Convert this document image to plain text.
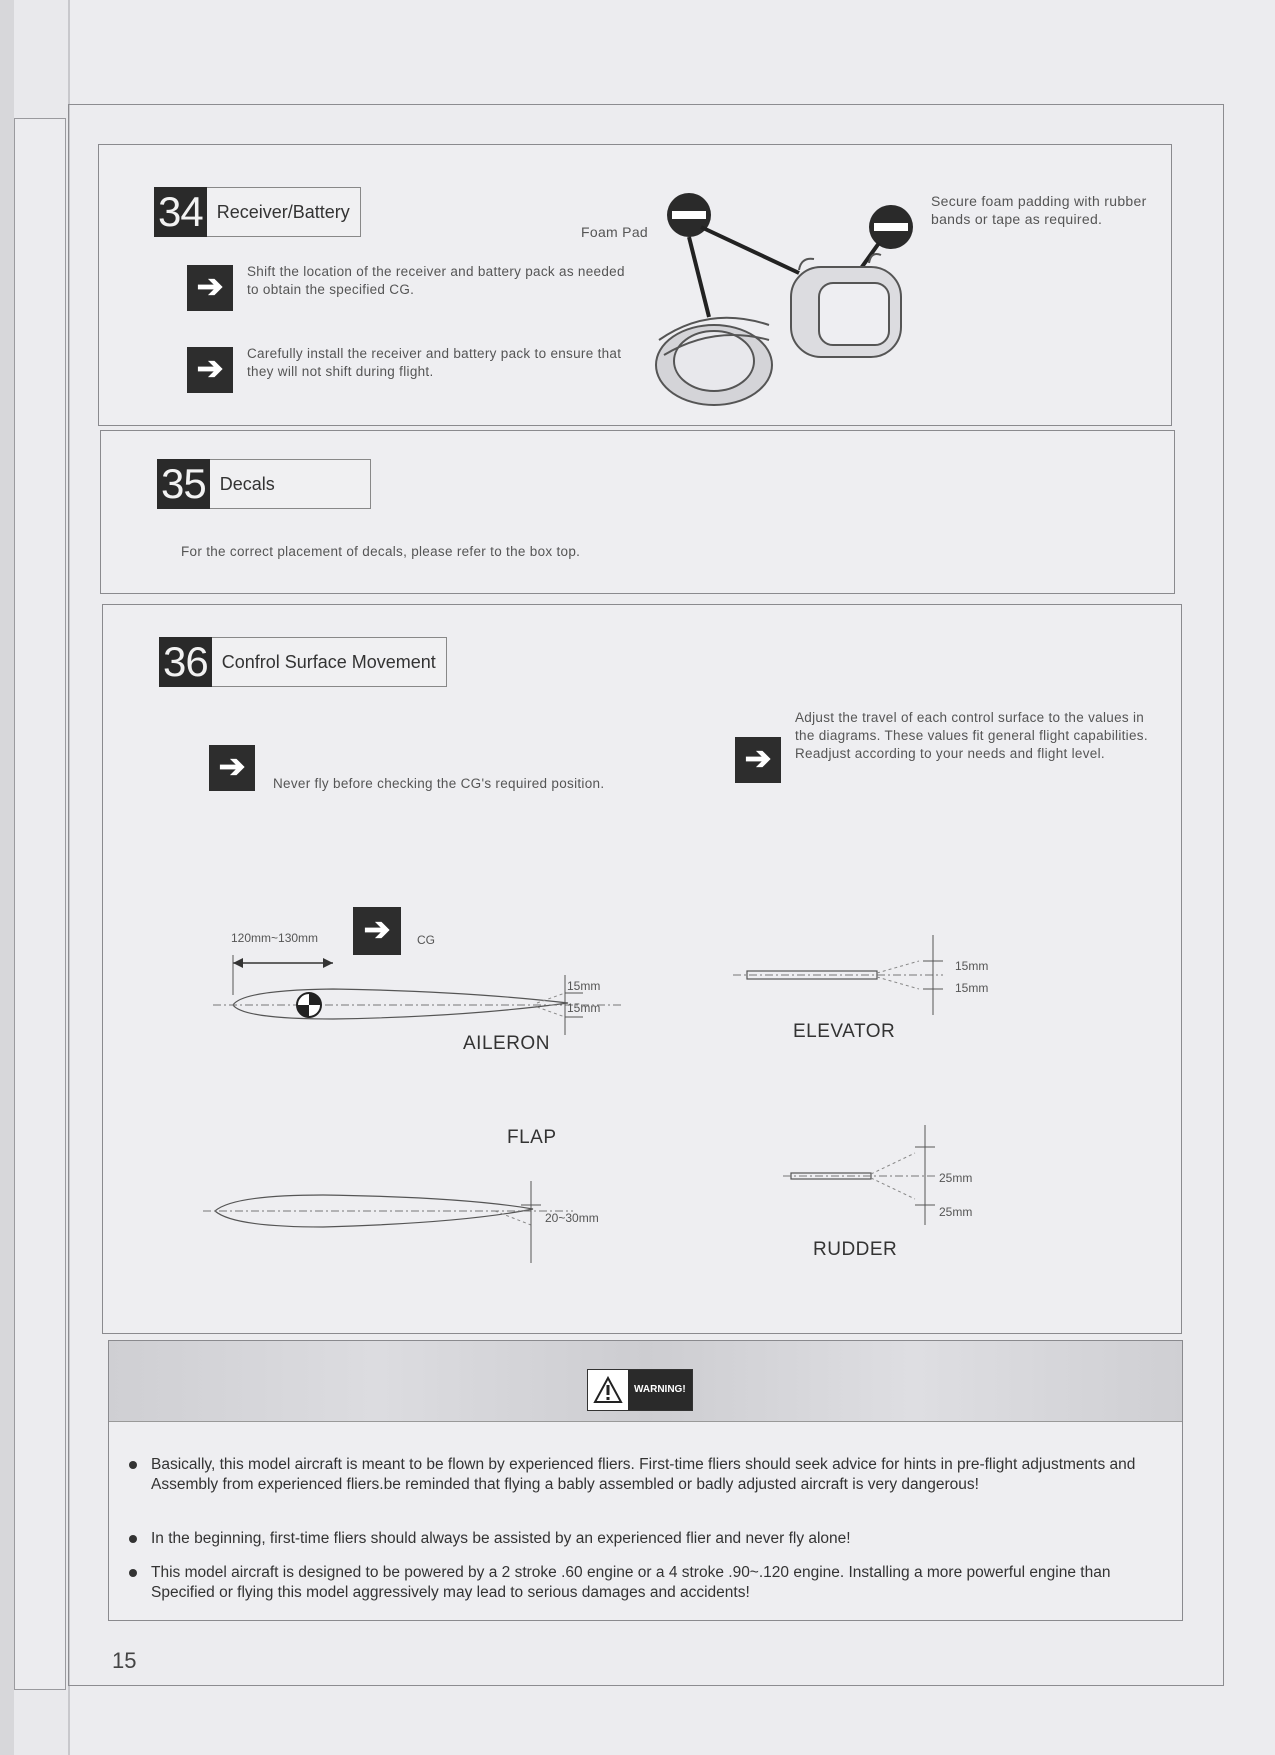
34 Receiver/Battery
➔ Shift the location of the receiver and battery pack as needed to obtain the specified CG.
➔ Carefully install the receiver and battery pack to ensure that they will not shift during flight.
Foam Pad
Secure foam padding with rubber bands or tape as required.
35 Decals
For the correct placement of decals, please refer to the box top.
36 Confrol Surface Movement
➔ Never fly before checking the CG's required position.
➔
Adjust the travel of each control surface to the values in the diagrams. These values fit general flight capabilities. Readjust according to your needs and flight level.
120mm~130mm ➔ CG
15mm
15mm
AILERON
15mm
15mm
ELEVATOR
FLAP
20~30mm
25mm
25mm
RUDDER
WARNING!
Basically, this model aircraft is meant to be flown by experienced fliers. First-time fliers should seek advice for hints in pre-flight adjustments and Assembly from experienced fliers.be reminded that flying a bably assembled or badly adjusted aircraft is very dangerous!
In the beginning, first-time fliers should always be assisted by an experienced flier and never fly alone!
This model aircraft is designed to be powered by a 2 stroke .60 engine or a 4 stroke .90~.120 engine. Installing a more powerful engine than Specified or flying this model aggressively may lead to serious damages and accidents!
15
